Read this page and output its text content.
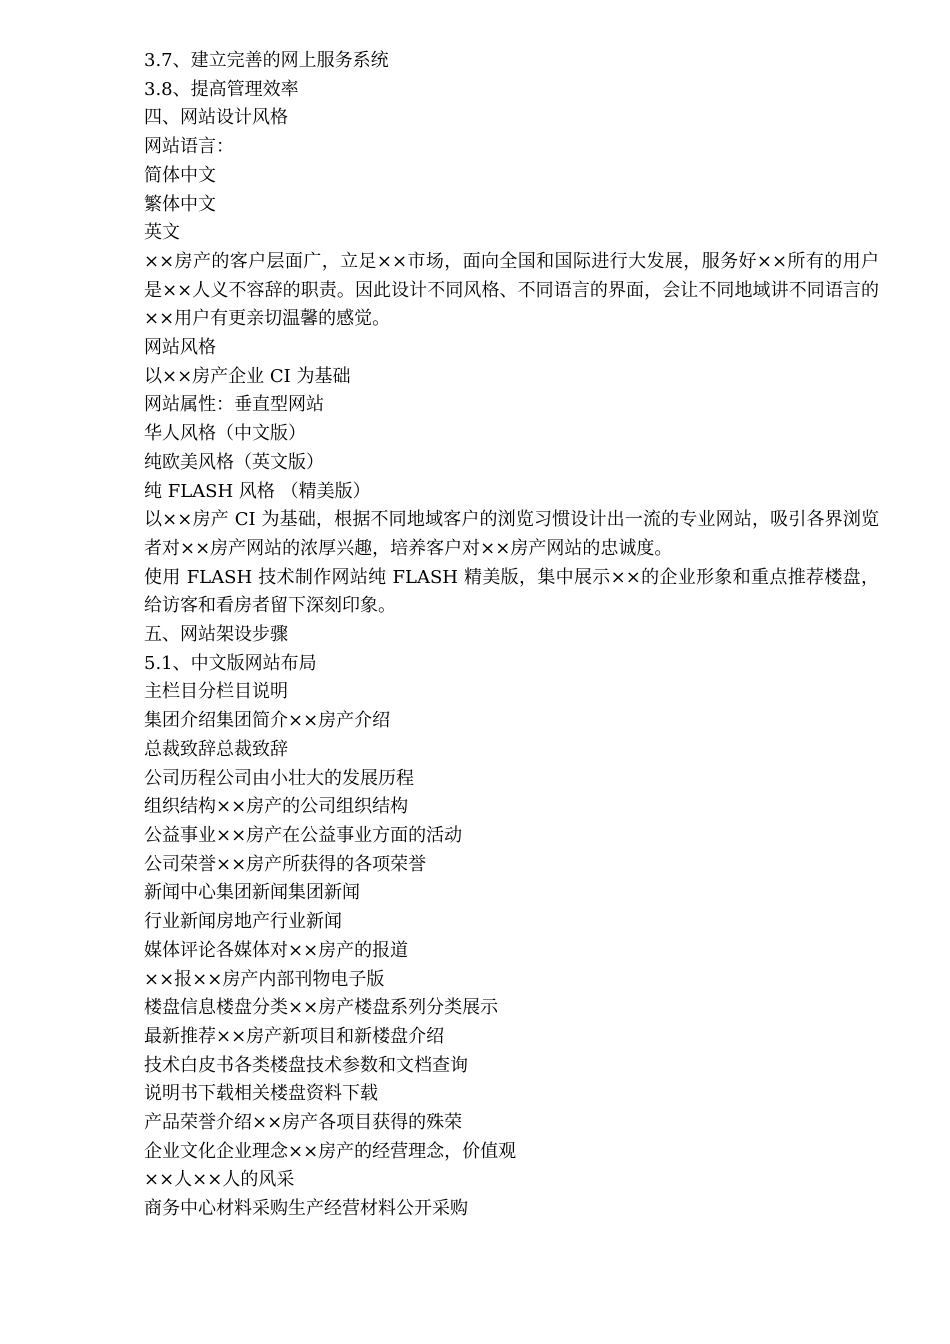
3.7、建立完善的网上服务系统

3.8、提高管理效率

四、网站设计风格

网站语言：

简体中文

繁体中文

英文

××房产的客户层面广，立足××市场，面向全国和国际进行大发展，服务好××所有的用户是××人义不容辞的职责。因此设计不同风格、不同语言的界面，会让不同地域讲不同语言的××用户有更亲切温馨的感觉。

网站风格

以××房产企业 CI 为基础

网站属性：垂直型网站

华人风格（中文版）

纯欧美风格（英文版）

纯 FLASH 风格 （精美版）

以××房产 CI 为基础，根据不同地域客户的浏览习惯设计出一流的专业网站，吸引各界浏览者对××房产网站的浓厚兴趣，培养客户对××房产网站的忠诚度。

使用 FLASH 技术制作网站纯 FLASH 精美版，集中展示××的企业形象和重点推荐楼盘，给访客和看房者留下深刻印象。

五、网站架设步骤

5.1、中文版网站布局

主栏目分栏目说明

集团介绍集团简介××房产介绍

总裁致辞总裁致辞

公司历程公司由小壮大的发展历程

组织结构××房产的公司组织结构

公益事业××房产在公益事业方面的活动

公司荣誉××房产所获得的各项荣誉

新闻中心集团新闻集团新闻

行业新闻房地产行业新闻

媒体评论各媒体对××房产的报道

××报××房产内部刊物电子版

楼盘信息楼盘分类××房产楼盘系列分类展示

最新推荐××房产新项目和新楼盘介绍

技术白皮书各类楼盘技术参数和文档查询

说明书下载相关楼盘资料下载

产品荣誉介绍××房产各项目获得的殊荣

企业文化企业理念××房产的经营理念，价值观

××人××人的风采

商务中心材料采购生产经营材料公开采购
